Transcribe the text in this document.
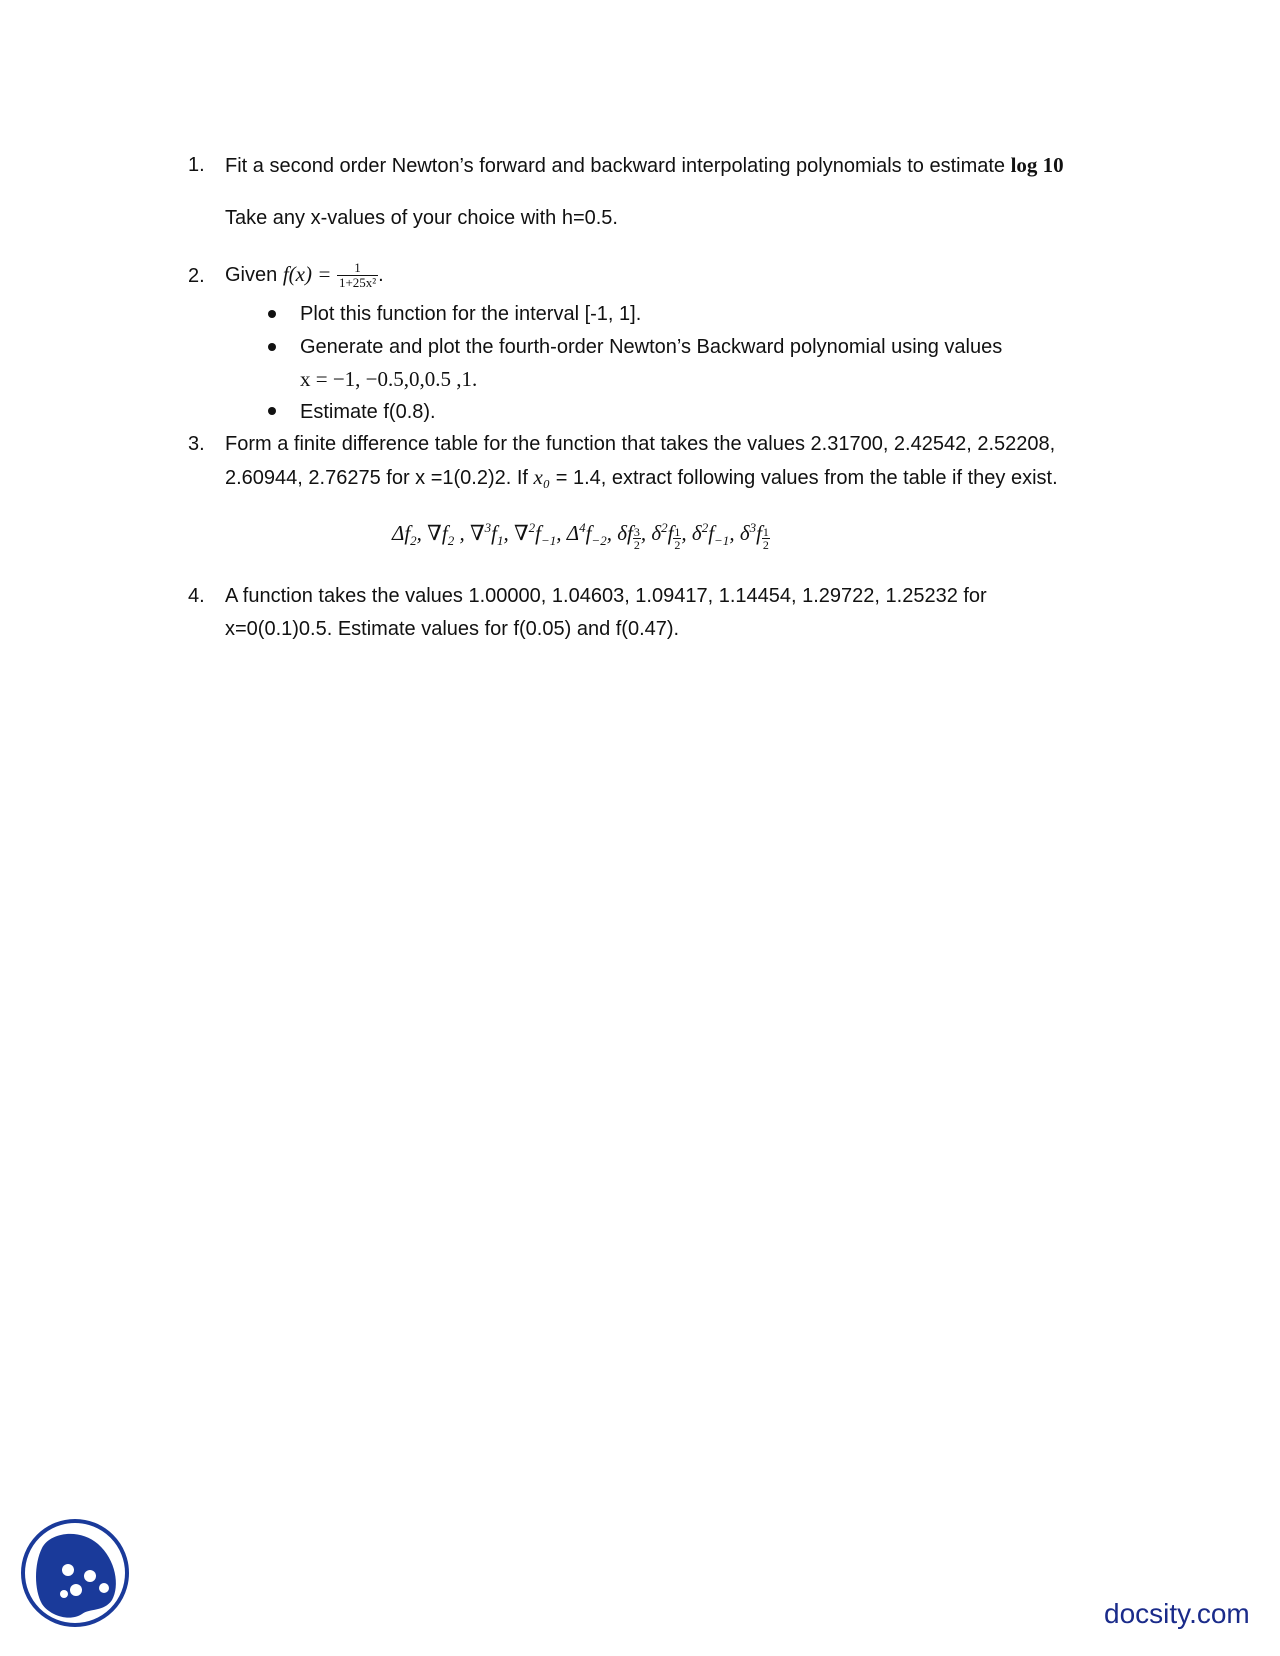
1. Fit a second order Newton’s forward and backward interpolating polynomials to estimate log 10
Take any x-values of your choice with h=0.5.
2. Given $f(x) = \frac{1}{\text{1+25x²}}$ .
Plot this function for the interval [-1, 1].
Generate and plot the fourth-order Newton’s Backward polynomial using values
x = −1, −0.5,0,0.5 ,1.
Estimate f(0.8).
3. Form a finite difference table for the function that takes the values 2.31700, 2.42542, 2.52208,
2.60944, 2.76275 for x =1(0.2)2. If x₀ = 1.4, extract following values from the table if they exist.
$\Delta f_2$, $\nabla f_2$ , $\nabla^3f_1$, $\nabla^2f_{-1}$, $\Delta^4f_{-2}$, δf $\frac{3}{2}$ , $\delta^2f \frac{1}{2}$ , $\delta^2f_{-1}$, $\delta^3f \frac{1}{2}$
4. A function takes the values 1.00000, 1.04603, 1.09417, 1.14454, 1.29722, 1.25232 for
x=0(0.1)0.5. Estimate values for f(0.05) and f(0.47).
docsity.com
